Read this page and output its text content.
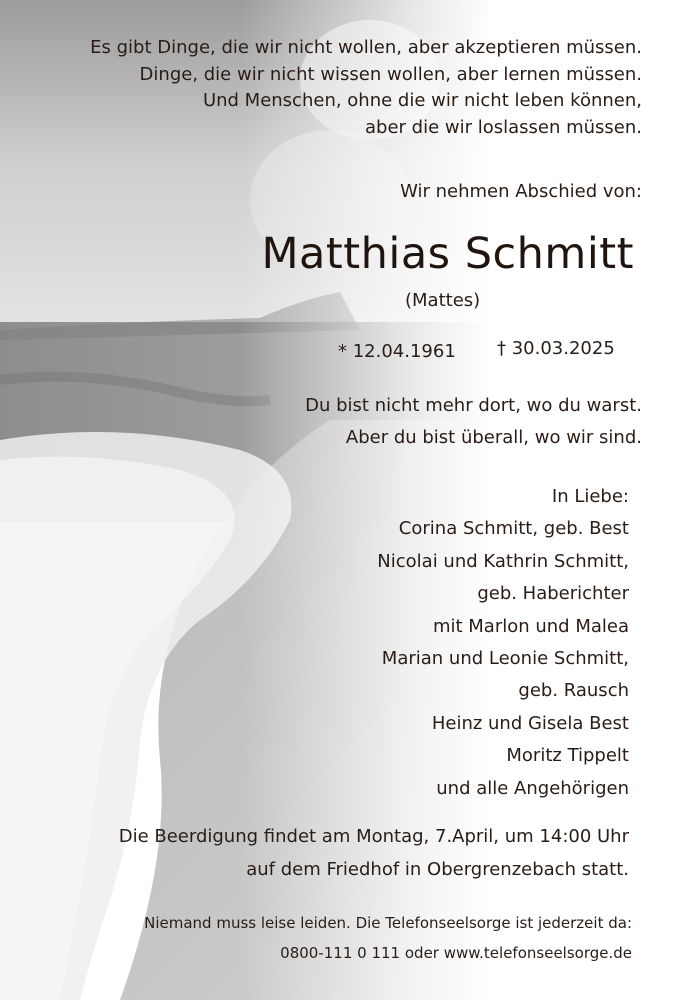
Es gibt Dinge, die wir nicht wollen, aber akzeptieren müssen.
Dinge, die wir nicht wissen wollen, aber lernen müssen.
Und Menschen, ohne die wir nicht leben können,
aber die wir loslassen müssen.
Wir nehmen Abschied von:
Matthias Schmitt
(Mattes)
* 12.04.1961 † 30.03.2025
Du bist nicht mehr dort, wo du warst.
Aber du bist überall, wo wir sind.
In Liebe:
Corina Schmitt, geb. Best
Nicolai und Kathrin Schmitt,
geb. Haberichter
mit Marlon und Malea
Marian und Leonie Schmitt,
geb. Rausch
Heinz und Gisela Best
Moritz Tippelt
und alle Angehörigen
Die Beerdigung findet am Montag, 7.April, um 14:00 Uhr
auf dem Friedhof in Obergrenzebach statt.
Niemand muss leise leiden. Die Telefonseelsorge ist jederzeit da:
0800-111 0 111 oder www.telefonseelsorge.de
